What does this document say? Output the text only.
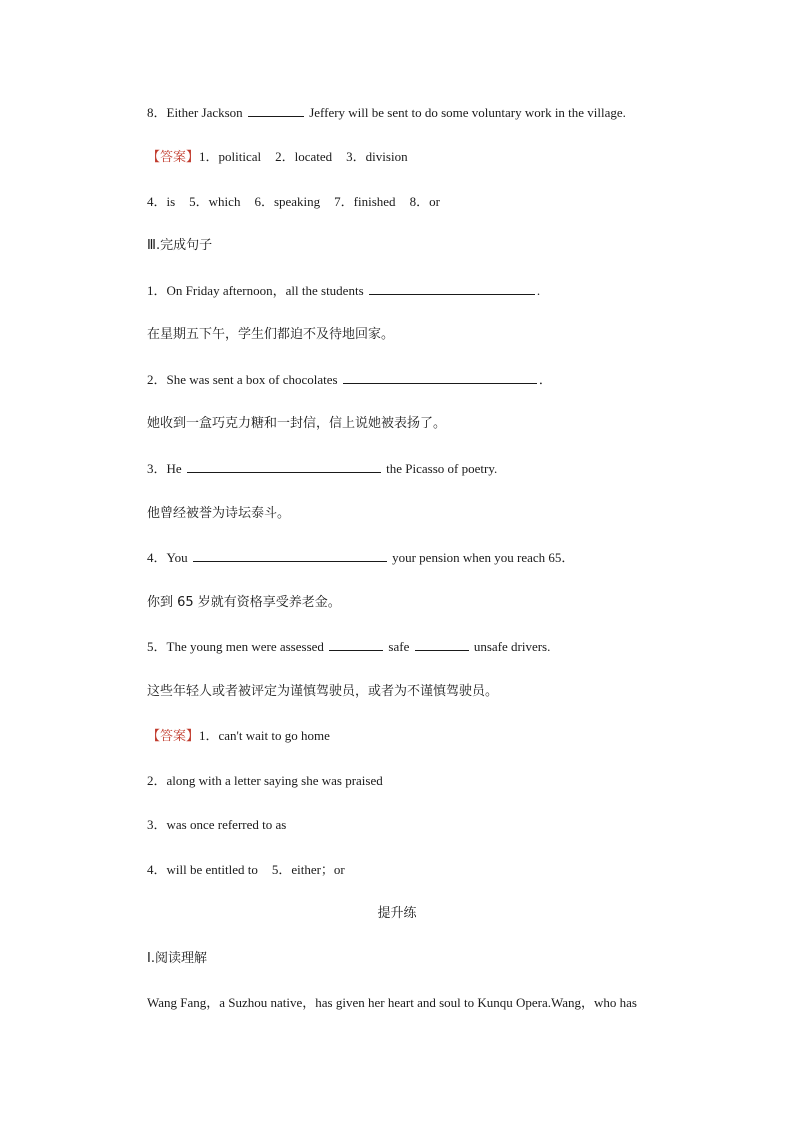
8．Either Jackson	Jeffery will be sent to do some voluntary work in the village.
【答案】1．political 2．located 3．division
4．is 5．which 6．speaking 7．finished 8．or
Ⅲ.完成句子
1．On Friday afternoon，all the students	.
在星期五下午，学生们都迫不及待地回家。
2．She was sent a box of chocolates	．
她收到一盒巧克力糖和一封信，信上说她被表扬了。
3．He	the Picasso of poetry.
他曾经被誉为诗坛泰斗。
4．You	your pension when you reach 65．
你到 65 岁就有资格享受养老金。
5．The young men were assessed	safe	unsafe drivers.
这些年轻人或者被评定为谨慎驾驶员，或者为不谨慎驾驶员。
【答案】1．can't wait to go home
2．along with a letter saying she was praised
3．was once referred to as
4．will be entitled to 5．either；or
提升练
Ⅰ.阅读理解
Wang Fang，a Suzhou native，has given her heart and soul to Kunqu Opera.Wang，who has
